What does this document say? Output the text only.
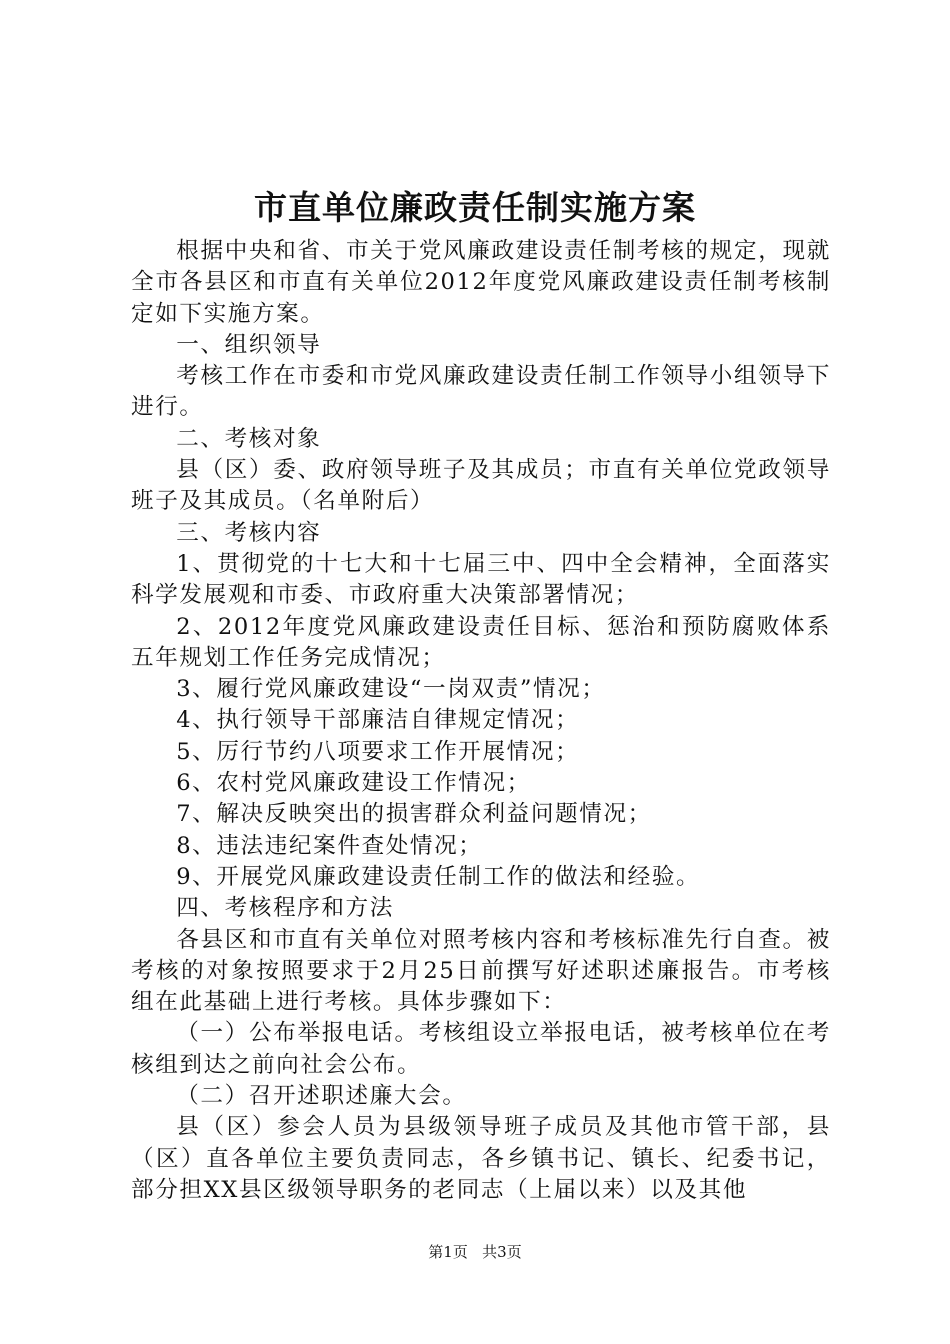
市直单位廉政责任制实施方案

根据中央和省、市关于党风廉政建设责任制考核的规定，现就全市各县区和市直有关单位2012年度党风廉政建设责任制考核制定如下实施方案。

一、组织领导

考核工作在市委和市党风廉政建设责任制工作领导小组领导下进行。

二、考核对象

县（区）委、政府领导班子及其成员；市直有关单位党政领导班子及其成员。（名单附后）

三、考核内容

1、贯彻党的十七大和十七届三中、四中全会精神，全面落实科学发展观和市委、市政府重大决策部署情况；

2、2012年度党风廉政建设责任目标、惩治和预防腐败体系五年规划工作任务完成情况；

3、履行党风廉政建设“一岗双责”情况；

4、执行领导干部廉洁自律规定情况；

5、厉行节约八项要求工作开展情况；

6、农村党风廉政建设工作情况；

7、解决反映突出的损害群众利益问题情况；

8、违法违纪案件查处情况；

9、开展党风廉政建设责任制工作的做法和经验。

四、考核程序和方法

各县区和市直有关单位对照考核内容和考核标准先行自查。被考核的对象按照要求于2月25日前撰写好述职述廉报告。市考核组在此基础上进行考核。具体步骤如下：

（一）公布举报电话。考核组设立举报电话，被考核单位在考核组到达之前向社会公布。

（二）召开述职述廉大会。

县（区）参会人员为县级领导班子成员及其他市管干部，县（区）直各单位主要负责同志，各乡镇书记、镇长、纪委书记，部分担XX县区级领导职务的老同志（上届以来）以及其他

第1页 共3页
